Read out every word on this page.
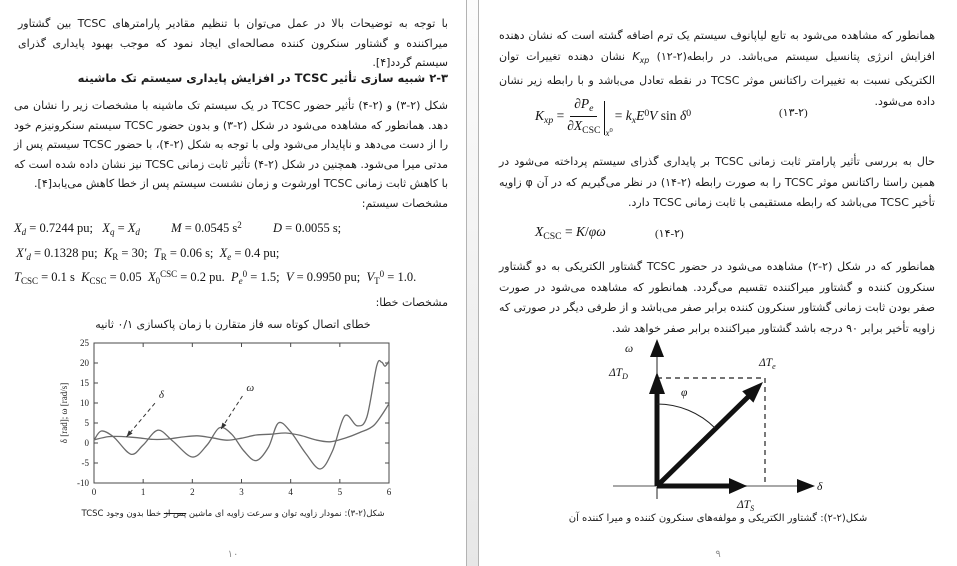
با توجه به توضیحات بالا در عمل می‌توان با تنظیم مقادیر پارامترهای TCSC بین گشتاور میراکننده و گشتاور سنکرون کننده مصالحه‌ای ایجاد نمود که موجب بهبود پایداری گذرای سیستم گردد[۴].
۲-۳ شبیه سازی تأثیر TCSC در افزایش پایداری سیستم تک ماشینه
شکل (۲-۳) و (۲-۴) تأثیر حضور TCSC در یک سیستم تک ماشینه با مشخصات زیر را نشان می دهد. همانطور که مشاهده می‌شود در شکل (۲-۳) و بدون حضور TCSC سیستم سنکرونیزم خود را از دست می‌دهد و ناپایدار می‌شود ولی با توجه به شکل (۲-۴)، با حضور TCSC سیستم پس از مدتی میرا می‌شود. همچنین در شکل (۲-۴) تأثیر ثابت زمانی TCSC نیز نشان داده شده است که با کاهش ثابت زمانی TCSC اورشوت و زمان نشست سیستم پس از خطا کاهش می‌یابد[۴].
مشخصات سیستم:
$X_d = 0.7244$ pu;   $X_q = X_d$	M = 0.0545 $s^2$	D = 0.0055 s;
$X'_d = 0.1328$ pu;  $K_R = 30$;  $T_R = 0.06$ s;  $X_e = 0.4$ pu;
$T_{CSC} = 0.1$ s  $K_{CSC} = 0.05$  $X_0^{CSC} = 0.2$ pu.  $P_e^0 = 1.5$;  V = 0.9950 pu;  $V_T^0 = 1.0$.
مشخصات خطا:
خطای اتصال کوتاه سه فاز متقارن با زمان پاکسازی ۰/۱ ثانیه
0	1	2	3	4	5	6
-10
-5
0
5
10
15
20
25
δ [rad]; ω [rad/s]	δ
ω
شکل(۲-۳): نمودار زاویه توان و سرعت زاویه ای ماشین پس از خطا بدون وجود TCSC
۱۰
همانطور که مشاهده می‌شود به تابع لیاپانوف سیستم یک ترم اضافه گشته است که نشان دهنده افزایش انرژی پتانسیل سیستم می‌باشد. در رابطه(۲-۱۲) $K_{xp}$ نشان دهنده تغییرات توان الکتریکی نسبت به تغییرات راکتانس موثر TCSC در نقطه تعادل می‌باشد و با رابطه زیر نشان داده می‌شود.
$K_{xp} = \frac{\partial P_e}{\partial X_{CSC}} x^0$
= $k_xE^0V$ $\sin \delta^0$	(۱۳-۲)
حال به بررسی تأثیر پارامتر ثابت زمانی TCSC بر پایداری گذرای سیستم پرداخته می‌شود در همین راستا راکتانس موثر TCSC را به صورت رابطه (۲-۱۴) در نظر می‌گیریم که در آن φ زاویه تأخیر TCSC می‌باشد که رابطه مستقیمی با ثابت زمانی TCSC دارد.
$X_{CSC} = K/\varphi\omega$	(۱۴-۲)
همانطور که در شکل (۲-۲) مشاهده می‌شود در حضور TCSC گشتاور الکتریکی به دو گشتاور سنکرون کننده و گشتاور میراکننده تقسیم می‌گردد. همانطور که مشاهده می‌شود در صورت صفر بودن ثابت زمانی گشتاور سنکرون کننده برابر صفر می‌باشد و از طرفی دیگر در صورتی که زاویه تأخیر برابر ۹۰ درجه باشد گشتاور میراکننده برابر صفر خواهد شد.
ω
δ
φ
$\Delta T_D$
$\Delta T_e$
$\Delta T_S$
شکل(۲-۲): گشتاور الکتریکی و مولفه‌های سنکرون کننده و میرا کننده آن
۹
